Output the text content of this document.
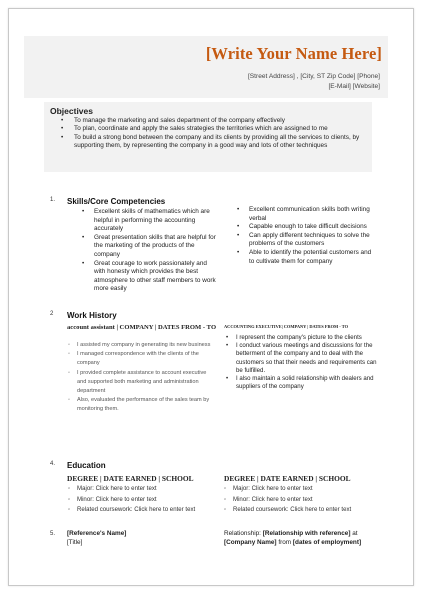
[Write Your Name Here]
[Street Address] , [City, ST Zip Code] [Phone]
[E-Mail] [Website]
Objectives
• To manage the marketing and sales department of the company effectively
• To plan, coordinate and apply the sales strategies the territories which are assigned to me
• To build a strong bond between the company and its clients by providing all the services to clients, by supporting them, by representing the company in a good way and lots of other techniques
1. Skills/Core Competencies
• Excellent skills of mathematics which are helpful in performing the accounting accurately
• Great presentation skills that are helpful for the marketing of the products of the company
• Great courage to work passionately and with honesty which provides the best atmosphere to other staff members to work more easily
• Excellent communication skills both writing verbal
• Capable enough to take difficult decisions
• Can apply different techniques to solve the problems of the customers
• Able to identify the potential customers and to cultivate them for company
2 Work History
account assistant | COMPANY | DATES FROM - TO
◦ I assisted my company in generating its new business
◦ I managed correspondence with the clients of the company
◦ I provided complete assistance to account executive and supported both marketing and administration department
◦ Also, evaluated the performance of the sales team by monitoring them.
ACCOUNTING EXECUTIVE| COMPANY | DATES FROM - TO
• I represent the company's picture to the clients
• I conduct various meetings and discussions for the betterment of the company and to deal with the customers so that their needs and requirements can be fulfilled.
• I also maintain a solid relationship with dealers and suppliers of the company
4. Education
DEGREE | DATE EARNED | SCHOOL
◦ Major: Click here to enter text
◦ Minor: Click here to enter text
◦ Related coursework: Click here to enter text
DEGREE | DATE EARNED | SCHOOL
◦ Major: Click here to enter text
◦ Minor: Click here to enter text
◦ Related coursework: Click here to enter text
5. [Reference's Name]
[Title]
Relationship: [Relationship with reference] at
[Company Name] from [dates of employment]
